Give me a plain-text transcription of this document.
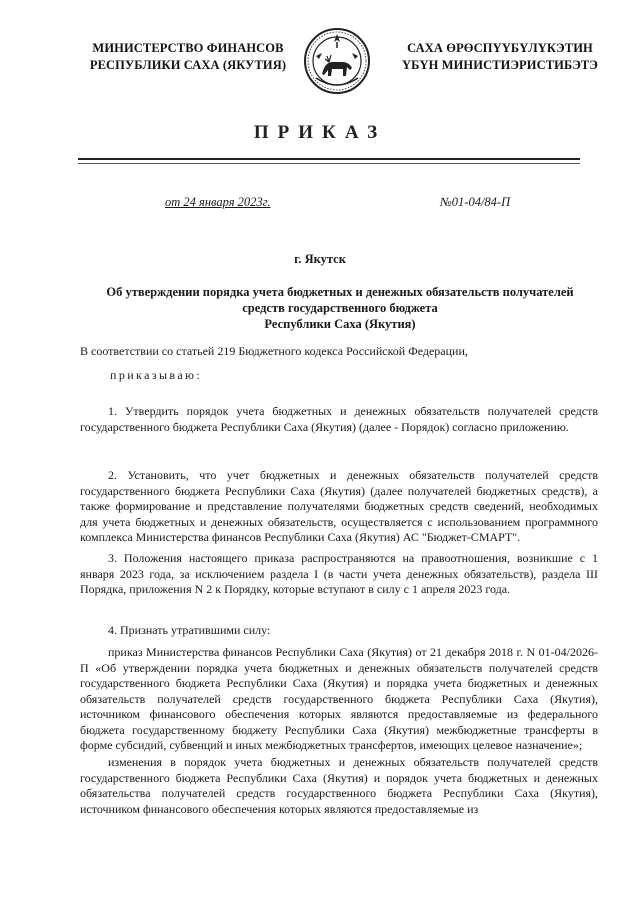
МИНИСТЕРСТВО ФИНАНСОВ
РЕСПУБЛИКИ САХА (ЯКУТИЯ)
САХА ӨРӨСПҮҮБҮЛҮКЭТИН
ҮБҮН МИНИСТИЭРИСТИБЭТЭ
ПРИКАЗ
от 24 января 2023г.	№01-04/84-П
г. Якутск
Об утверждении порядка учета бюджетных и денежных обязательств получателей
средств государственного бюджета
Республики Саха (Якутия)
В соответствии со статьей 219 Бюджетного кодекса Российской Федерации,
приказываю:
1. Утвердить порядок учета бюджетных и денежных обязательств получателей средств государственного бюджета Республики Саха (Якутия) (далее - Порядок) согласно приложению.
2. Установить, что учет бюджетных и денежных обязательств получателей средств государственного бюджета Республики Саха (Якутия) (далее получателей бюджетных средств), а также формирование и представление получателями бюджетных средств сведений, необходимых для учета бюджетных и денежных обязательств, осуществляется с использованием программного комплекса Министерства финансов Республики Саха (Якутия) АС "Бюджет-СМАРТ".
3. Положения настоящего приказа распространяются на правоотношения, возникшие с 1 января 2023 года, за исключением раздела I (в части учета денежных обязательств), раздела III Порядка, приложения N 2 к Порядку, которые вступают в силу с 1 апреля 2023 года.
4. Признать утратившими силу:
приказ Министерства финансов Республики Саха (Якутия) от 21 декабря 2018 г. N 01-04/2026-П «Об утверждении порядка учета бюджетных и денежных обязательств получателей средств государственного бюджета Республики Саха (Якутия) и порядка учета бюджетных и денежных обязательств получателей средств государственного бюджета Республики Саха (Якутия), источником финансового обеспечения которых являются предоставляемые из федерального бюджета государственному бюджету Республики Саха (Якутия) межбюджетные трансферты в форме субсидий, субвенций и иных межбюджетных трансфертов, имеющих целевое назначение»;
изменения в порядок учета бюджетных и денежных обязательств получателей средств государственного бюджета Республики Саха (Якутия) и порядок учета бюджетных и денежных обязательства получателей средств государственного бюджета Республики Саха (Якутия), источником финансового обеспечения которых являются предоставляемые из
